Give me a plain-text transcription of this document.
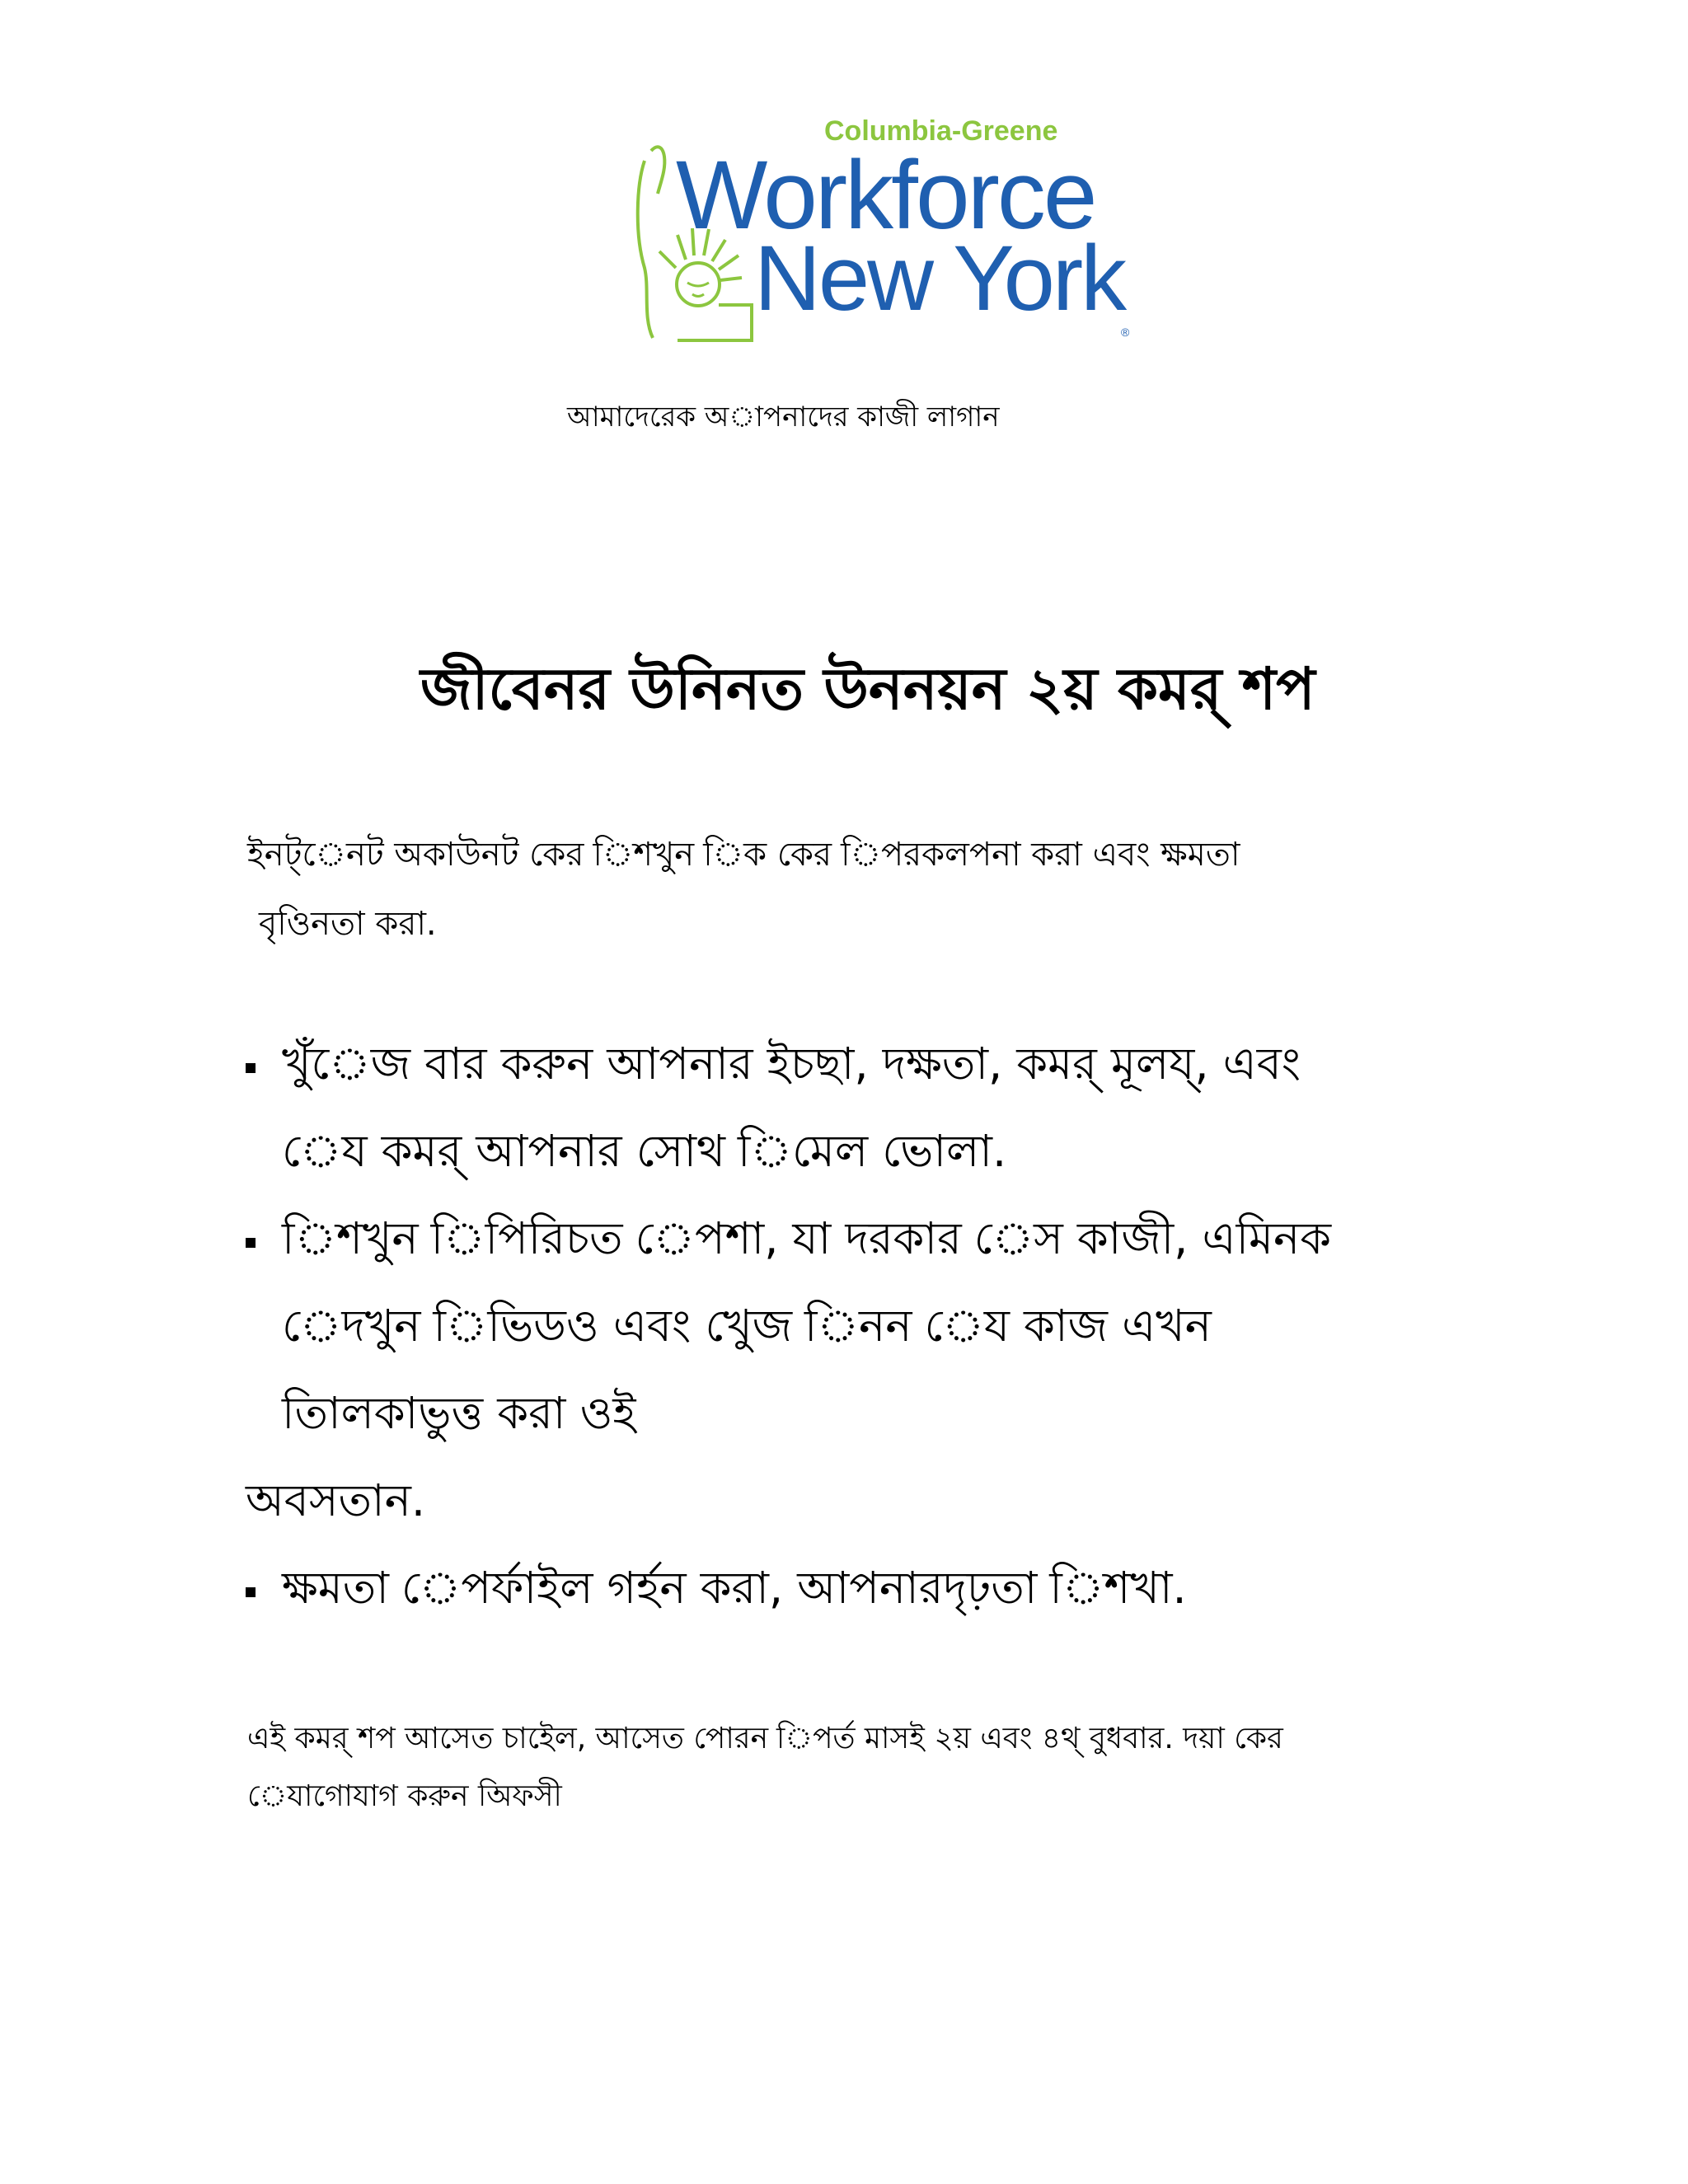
Columbia-Greene
Workforce
New York
®
আমাদেরেক অাপনাদের কাজী লাগান
জীবেনর উনিনত উননয়ন ২য় কমর্ শপ
ইনট্েনট অকাউনট কের িশখুন িক কের িপরকলপনা করা এবং ক্ষমতা
বৃও‍িনতা করা.
খুঁেজ বার করুন আপনার ইচছা, দক্ষতা, কমর্ মূলয্, এবং
েয কমর্ আপনার সােথ িমেল ভােলা.
িশখুন িপিরিচত েপশা, যা দরকার েস কাজী, এমিনক
েদখুন িভিডও এবং খুেজ িনন েয কাজ এখন
তািলকাভুত্ত করা ওই
অবসতান.
ক্ষমতা েপর্ফাইল গর্হন করা, আপনারদৃঢ়তা িশখা.
এই কমর্ শপ আসেত চাইেল, আসেত পােরন িপর্ত মাসই ২য় এবং ৪থ্ বুধবার. দয়া কের
েযাগােযাগ করুন অিফসী
